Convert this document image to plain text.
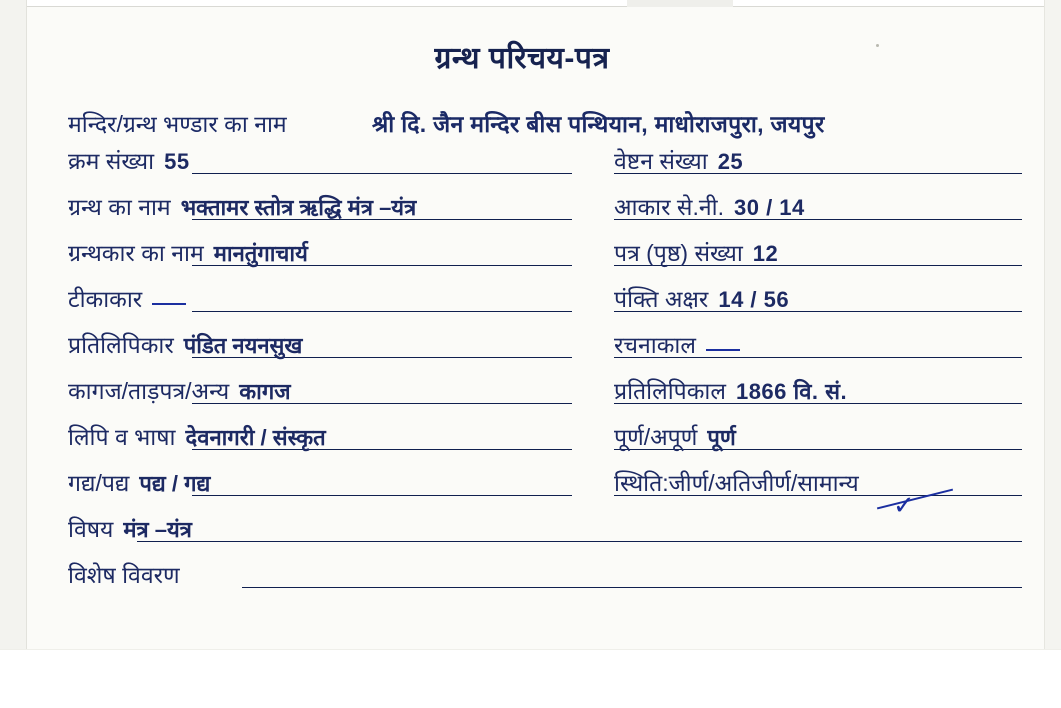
ग्रन्थ परिचय-पत्र
मन्दिर/ग्रन्थ भण्डार का नाम	श्री दि. जैन मन्दिर बीस पन्थियान, माधोराजपुरा, जयपुर
क्रम संख्या 55	वेष्टन संख्या 25
ग्रन्थ का नाम भक्तामर स्तोत्र ऋद्धि मंत्र –यंत्र	आकार से.नी. 30 / 14
ग्रन्थकार का नाम मानतुंगाचार्य	पत्र (पृष्ठ) संख्या 12
टीकाकार	पंक्ति अक्षर 14 / 56
प्रतिलिपिकार पंडित नयनसुख	रचनाकाल
कागज/ताड़पत्र/अन्य कागज	प्रतिलिपिकाल 1866 वि. सं.
लिपि व भाषा देवनागरी / संस्कृत	पूर्ण/अपूर्ण पूर्ण
गद्य/पद्य पद्य / गद्य	स्थिति:जीर्ण/अतिजीर्ण/सामान्य
विषय मंत्र –यंत्र
विशेष विवरण
✓
